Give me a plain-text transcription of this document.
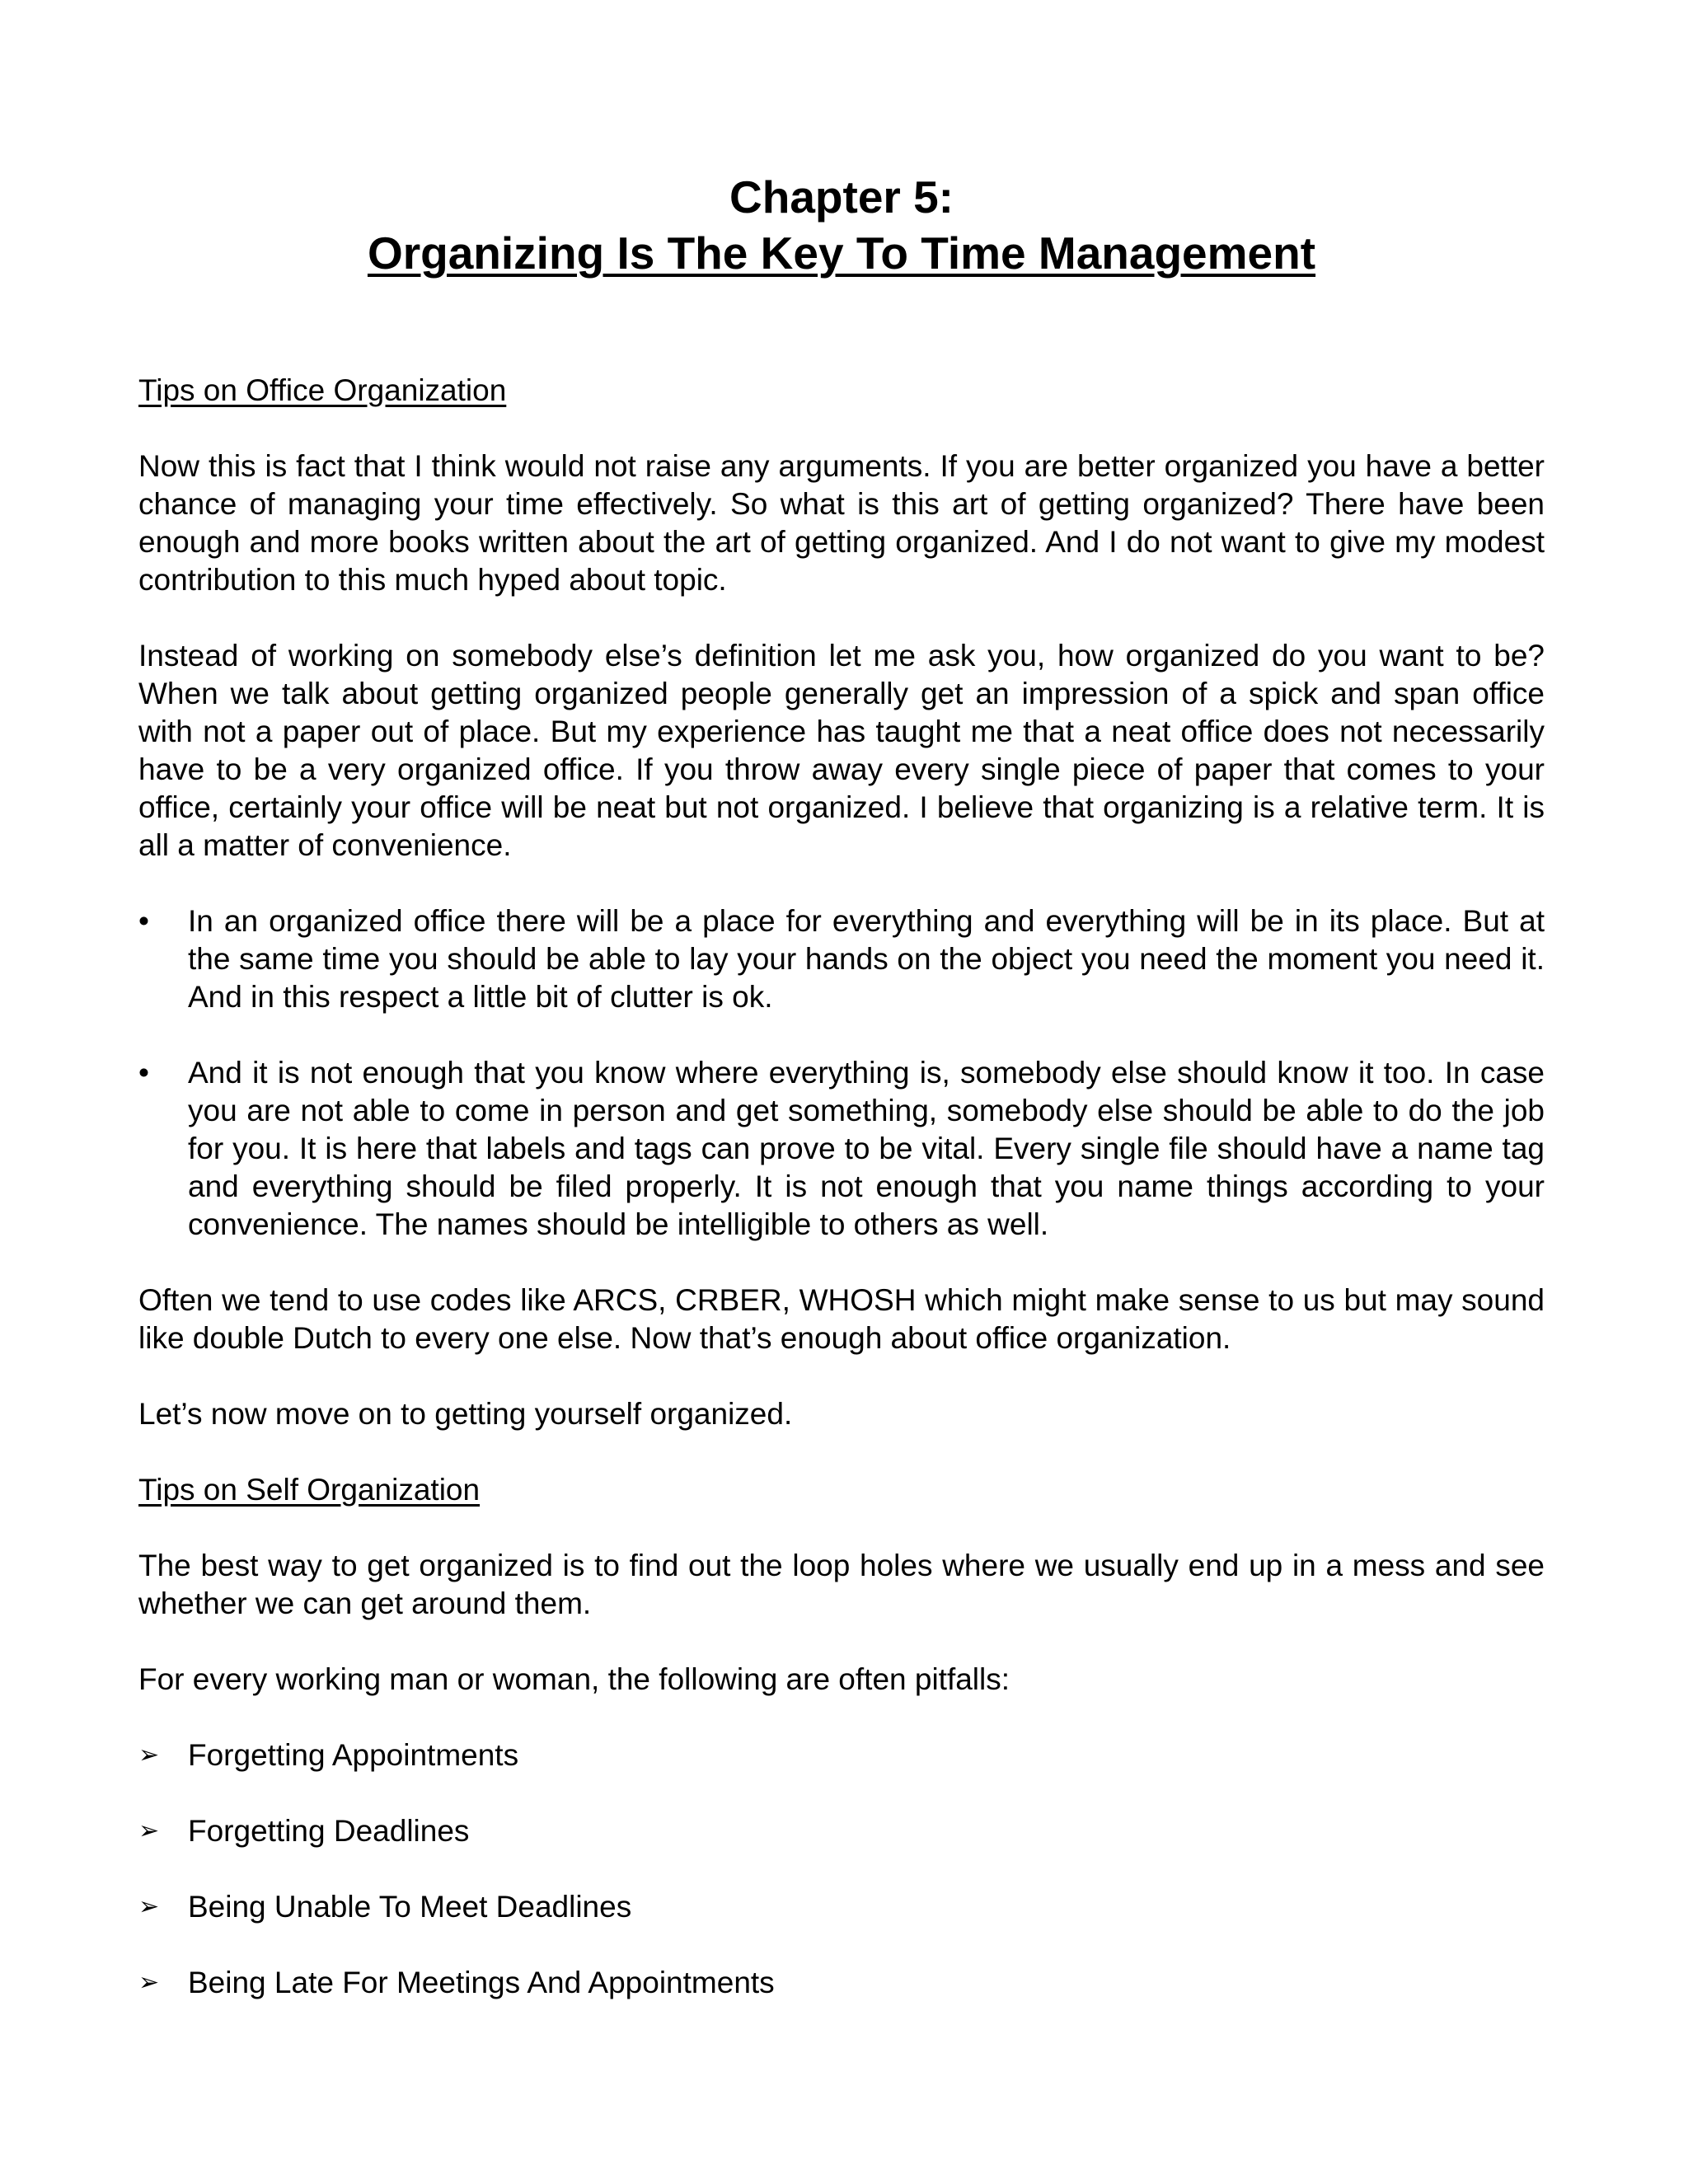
Chapter 5:
Organizing Is The Key To Time Management
Tips on Office Organization

Now this is fact that I think would not raise any arguments. If you are better organized you have a better chance of managing your time effectively. So what is this art of getting organized? There have been enough and more books written about the art of getting organized. And I do not want to give my modest contribution to this much hyped about topic.

Instead of working on somebody else’s definition let me ask you, how organized do you want to be? When we talk about getting organized people generally get an impression of a spick and span office with not a paper out of place. But my experience has taught me that a neat office does not necessarily have to be a very organized office. If you throw away every single piece of paper that comes to your office, certainly your office will be neat but not organized. I believe that organizing is a relative term. It is all a matter of convenience.

•	In an organized office there will be a place for everything and everything will be in its place. But at the same time you should be able to lay your hands on the object you need the moment you need it. And in this respect a little bit of clutter is ok.
•	And it is not enough that you know where everything is, somebody else should know it too. In case you are not able to come in person and get something, somebody else should be able to do the job for you. It is here that labels and tags can prove to be vital. Every single file should have a name tag and everything should be filed properly. It is not enough that you name things according to your convenience. The names should be intelligible to others as well.

Often we tend to use codes like ARCS, CRBER, WHOSH which might make sense to us but may sound like double Dutch to every one else. Now that’s enough about office organization.

Let’s now move on to getting yourself organized.

Tips on Self Organization

The best way to get organized is to find out the loop holes where we usually end up in a mess and see whether we can get around them.

For every working man or woman, the following are often pitfalls:

➢ Forgetting Appointments
➢ Forgetting Deadlines
➢ Being Unable To Meet Deadlines
➢ Being Late For Meetings And Appointments
